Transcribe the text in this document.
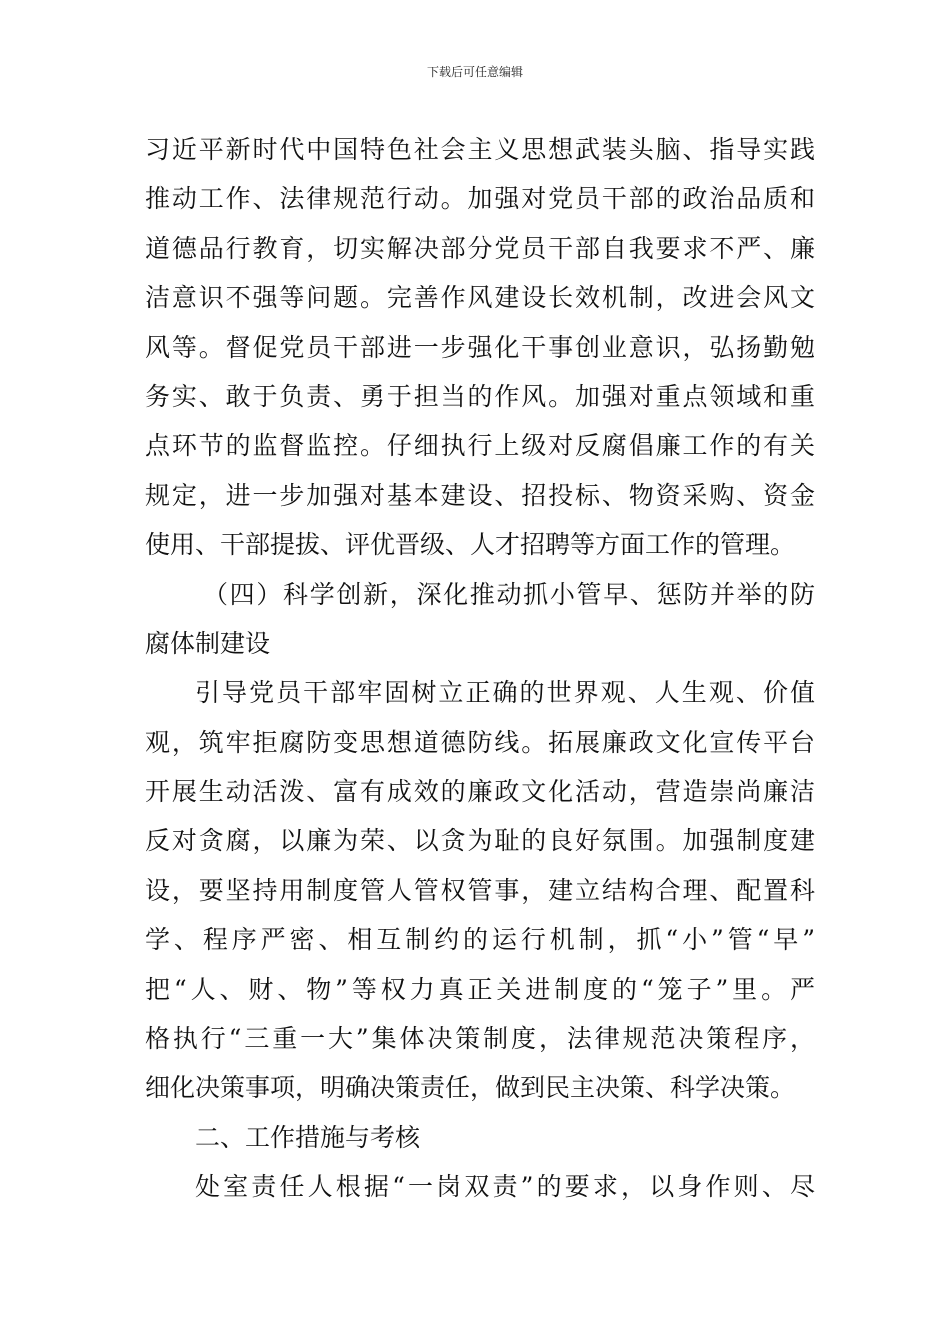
下载后可任意编辑
习近平新时代中国特色社会主义思想武装头脑、指导实践
推动工作、法律规范行动。加强对党员干部的政治品质和
道德品行教育，切实解决部分党员干部自我要求不严、廉
洁意识不强等问题。完善作风建设长效机制，改进会风文
风等。督促党员干部进一步强化干事创业意识，弘扬勤勉
务实、敢于负责、勇于担当的作风。加强对重点领域和重
点环节的监督监控。仔细执行上级对反腐倡廉工作的有关
规定，进一步加强对基本建设、招投标、物资采购、资金
使用、干部提拔、评优晋级、人才招聘等方面工作的管理。
（四）科学创新，深化推动抓小管早、惩防并举的防
腐体制建设
引导党员干部牢固树立正确的世界观、人生观、价值
观，筑牢拒腐防变思想道德防线。拓展廉政文化宣传平台
开展生动活泼、富有成效的廉政文化活动，营造崇尚廉洁
反对贪腐，以廉为荣、以贪为耻的良好氛围。加强制度建
设，要坚持用制度管人管权管事，建立结构合理、配置科
学、程序严密、相互制约的运行机制，抓“小”管“早”
把“人、财、物”等权力真正关进制度的“笼子”里。严
格执行“三重一大”集体决策制度，法律规范决策程序，
细化决策事项，明确决策责任，做到民主决策、科学决策。
二、工作措施与考核
处室责任人根据“一岗双责”的要求，以身作则、尽
